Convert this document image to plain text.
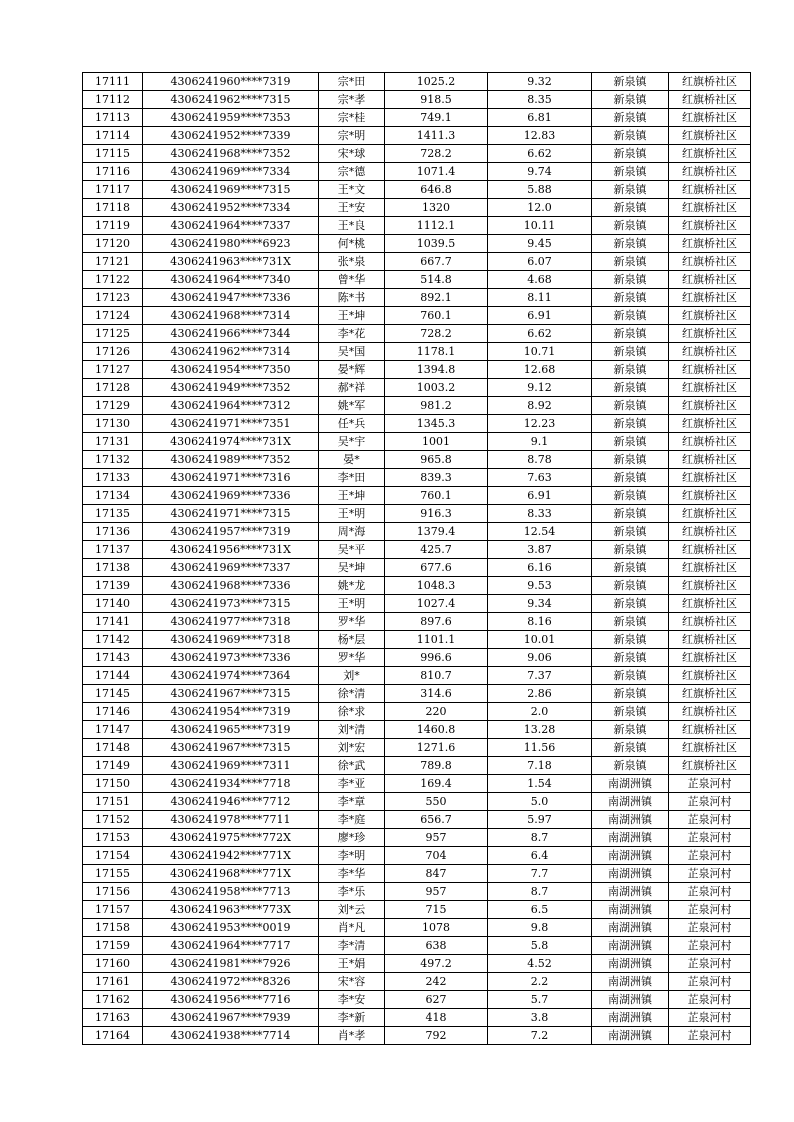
17111	4306241960****7319	宗*田	1025.2	9.32	新泉镇	红旗桥社区
17112	4306241962****7315	宗*孝	918.5	8.35	新泉镇	红旗桥社区
17113	4306241959****7353	宗*桂	749.1	6.81	新泉镇	红旗桥社区
17114	4306241952****7339	宗*明	1411.3	12.83	新泉镇	红旗桥社区
17115	4306241968****7352	宋*球	728.2	6.62	新泉镇	红旗桥社区
17116	4306241969****7334	宗*德	1071.4	9.74	新泉镇	红旗桥社区
17117	4306241969****7315	王*文	646.8	5.88	新泉镇	红旗桥社区
17118	4306241952****7334	王*安	1320	12.0	新泉镇	红旗桥社区
17119	4306241964****7337	王*良	1112.1	10.11	新泉镇	红旗桥社区
17120	4306241980****6923	何*桃	1039.5	9.45	新泉镇	红旗桥社区
17121	4306241963****731X	张*泉	667.7	6.07	新泉镇	红旗桥社区
17122	4306241964****7340	曾*华	514.8	4.68	新泉镇	红旗桥社区
17123	4306241947****7336	陈*书	892.1	8.11	新泉镇	红旗桥社区
17124	4306241968****7314	王*坤	760.1	6.91	新泉镇	红旗桥社区
17125	4306241966****7344	李*花	728.2	6.62	新泉镇	红旗桥社区
17126	4306241962****7314	吴*国	1178.1	10.71	新泉镇	红旗桥社区
17127	4306241954****7350	晏*辉	1394.8	12.68	新泉镇	红旗桥社区
17128	4306241949****7352	郝*祥	1003.2	9.12	新泉镇	红旗桥社区
17129	4306241964****7312	姚*军	981.2	8.92	新泉镇	红旗桥社区
17130	4306241971****7351	任*兵	1345.3	12.23	新泉镇	红旗桥社区
17131	4306241974****731X	吴*宇	1001	9.1	新泉镇	红旗桥社区
17132	4306241989****7352	晏*	965.8	8.78	新泉镇	红旗桥社区
17133	4306241971****7316	李*田	839.3	7.63	新泉镇	红旗桥社区
17134	4306241969****7336	王*坤	760.1	6.91	新泉镇	红旗桥社区
17135	4306241971****7315	王*明	916.3	8.33	新泉镇	红旗桥社区
17136	4306241957****7319	周*海	1379.4	12.54	新泉镇	红旗桥社区
17137	4306241956****731X	吴*平	425.7	3.87	新泉镇	红旗桥社区
17138	4306241969****7337	吴*坤	677.6	6.16	新泉镇	红旗桥社区
17139	4306241968****7336	姚*龙	1048.3	9.53	新泉镇	红旗桥社区
17140	4306241973****7315	王*明	1027.4	9.34	新泉镇	红旗桥社区
17141	4306241977****7318	罗*华	897.6	8.16	新泉镇	红旗桥社区
17142	4306241969****7318	杨*层	1101.1	10.01	新泉镇	红旗桥社区
17143	4306241973****7336	罗*华	996.6	9.06	新泉镇	红旗桥社区
17144	4306241974****7364	刘*	810.7	7.37	新泉镇	红旗桥社区
17145	4306241967****7315	徐*清	314.6	2.86	新泉镇	红旗桥社区
17146	4306241954****7319	徐*求	220	2.0	新泉镇	红旗桥社区
17147	4306241965****7319	刘*清	1460.8	13.28	新泉镇	红旗桥社区
17148	4306241967****7315	刘*宏	1271.6	11.56	新泉镇	红旗桥社区
17149	4306241969****7311	徐*武	789.8	7.18	新泉镇	红旗桥社区
17150	4306241934****7718	李*亚	169.4	1.54	南湖洲镇	芷泉河村
17151	4306241946****7712	李*章	550	5.0	南湖洲镇	芷泉河村
17152	4306241978****7711	李*庭	656.7	5.97	南湖洲镇	芷泉河村
17153	4306241975****772X	廖*珍	957	8.7	南湖洲镇	芷泉河村
17154	4306241942****771X	李*明	704	6.4	南湖洲镇	芷泉河村
17155	4306241968****771X	李*华	847	7.7	南湖洲镇	芷泉河村
17156	4306241958****7713	李*乐	957	8.7	南湖洲镇	芷泉河村
17157	4306241963****773X	刘*云	715	6.5	南湖洲镇	芷泉河村
17158	4306241953****0019	肖*凡	1078	9.8	南湖洲镇	芷泉河村
17159	4306241964****7717	李*清	638	5.8	南湖洲镇	芷泉河村
17160	4306241981****7926	王*娟	497.2	4.52	南湖洲镇	芷泉河村
17161	4306241972****8326	宋*容	242	2.2	南湖洲镇	芷泉河村
17162	4306241956****7716	李*安	627	5.7	南湖洲镇	芷泉河村
17163	4306241967****7939	李*新	418	3.8	南湖洲镇	芷泉河村
17164	4306241938****7714	肖*孝	792	7.2	南湖洲镇	芷泉河村
